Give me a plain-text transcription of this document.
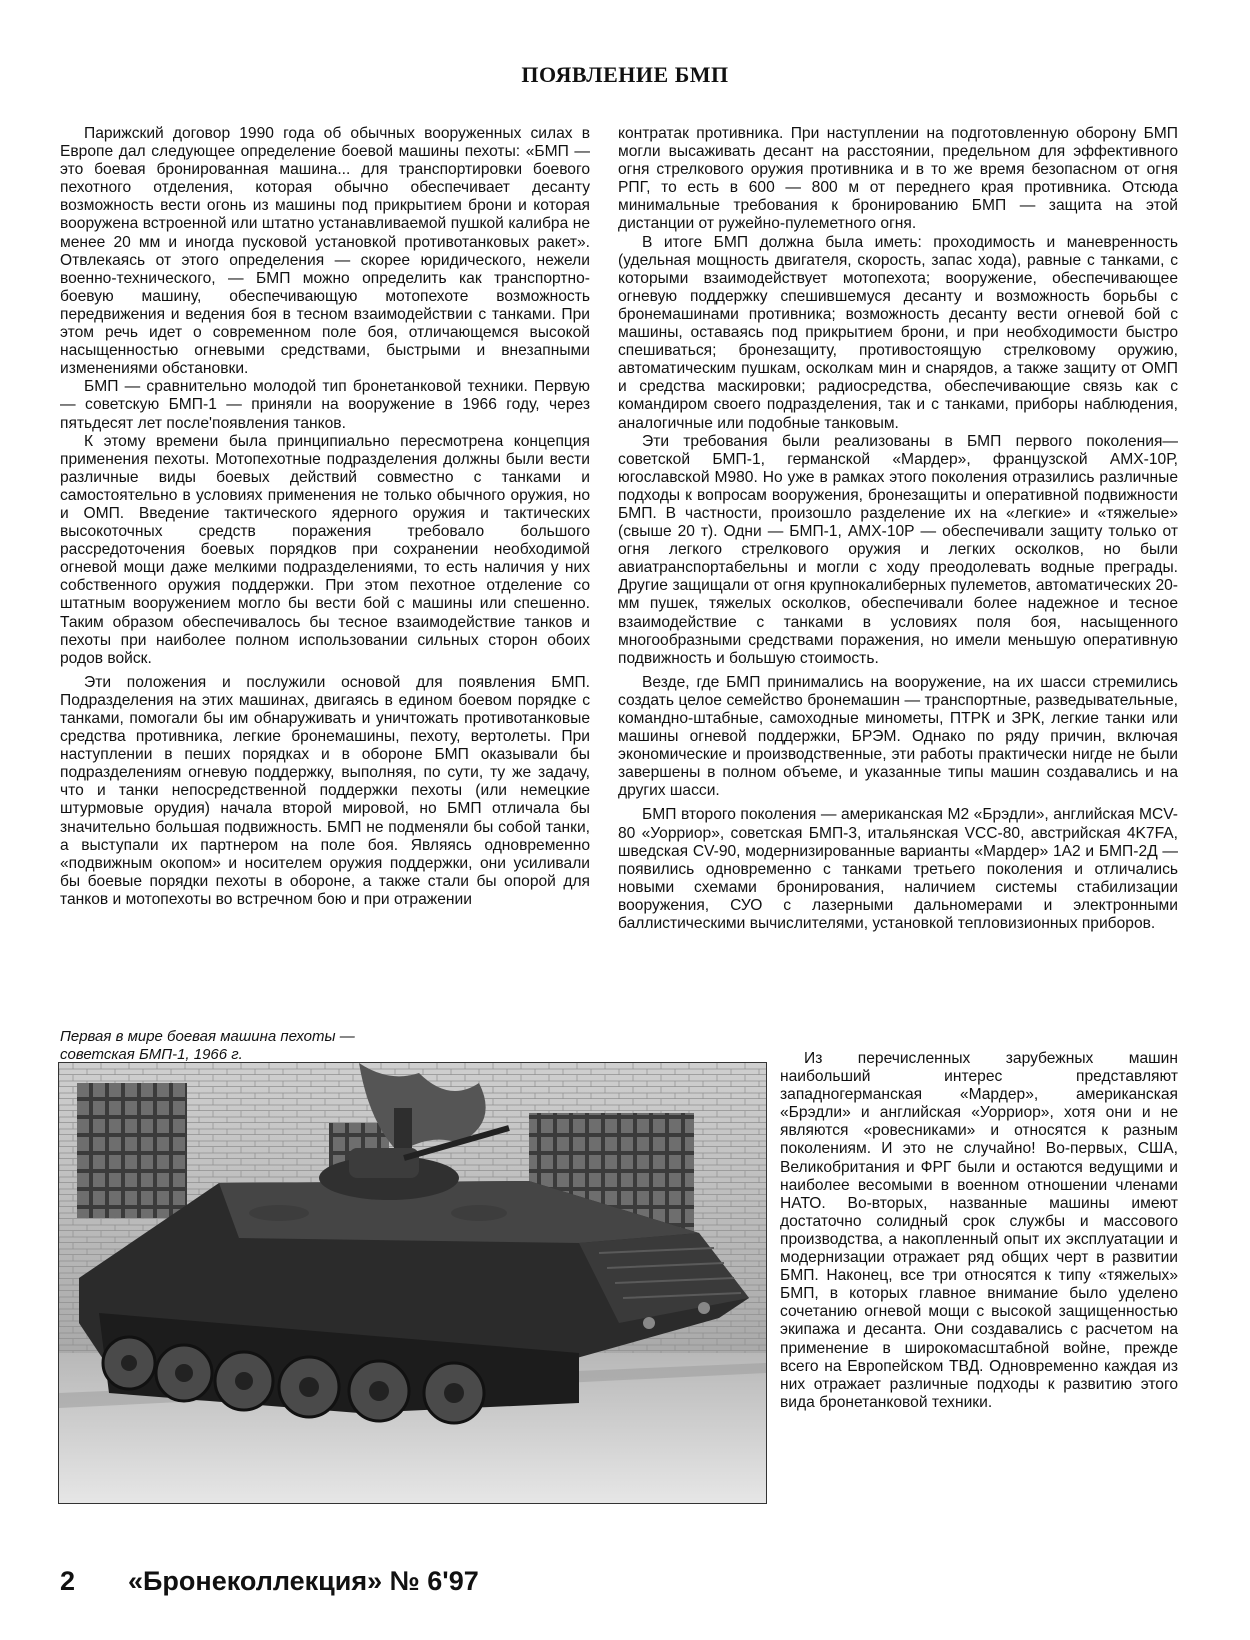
ПОЯВЛЕНИЕ БМП

Парижский договор 1990 года об обычных вооруженных силах в Европе дал следующее определение боевой машины пехоты: «БМП — это боевая бронированная машина... для транспортировки боевого пехотного отделения, которая обычно обеспечивает десанту возможность вести огонь из машины под прикрытием брони и которая вооружена встроенной или штатно устанавливаемой пушкой калибра не менее 20 мм и иногда пусковой установкой противотанковых ракет». Отвлекаясь от этого определения — скорее юридического, нежели военно-технического, — БМП можно определить как транспортно-боевую машину, обеспечивающую мотопехоте возможность передвижения и ведения боя в тесном взаимодействии с танками. При этом речь идет о современном поле боя, отличающемся высокой насыщенностью огневыми средствами, быстрыми и внезапными изменениями обстановки.

БМП — сравнительно молодой тип бронетанковой техники. Первую — советскую БМП-1 — приняли на вооружение в 1966 году, через пятьдесят лет после'появления танков.

К этому времени была принципиально пересмотрена концепция применения пехоты. Мотопехотные подразделения должны были вести различные виды боевых действий совместно с танками и самостоятельно в условиях применения не только обычного оружия, но и ОМП. Введение тактического ядерного оружия и тактических высокоточных средств поражения требовало большого рассредоточения боевых порядков при сохранении необходимой огневой мощи даже мелкими подразделениями, то есть наличия у них собственного оружия поддержки. При этом пехотное отделение со штатным вооружением могло бы вести бой с машины или спешенно. Таким образом обеспечивалось бы тесное взаимодействие танков и пехоты при наиболее полном использовании сильных сторон обоих родов войск.

Эти положения и послужили основой для появления БМП. Подразделения на этих машинах, двигаясь в едином боевом порядке с танками, помогали бы им обнаруживать и уничтожать противотанковые средства противника, легкие бронемашины, пехоту, вертолеты. При наступлении в пеших порядках и в обороне БМП оказывали бы подразделениям огневую поддержку, выполняя, по сути, ту же задачу, что и танки непосредственной поддержки пехоты (или немецкие штурмовые орудия) начала второй мировой, но БМП отличала бы значительно большая подвижность. БМП не подменяли бы собой танки, а выступали их партнером на поле боя. Являясь одновременно «подвижным окопом» и носителем оружия поддержки, они усиливали бы боевые порядки пехоты в обороне, а также стали бы опорой для танков и мотопехоты во встречном бою и при отражении

контратак противника. При наступлении на подготовленную оборону БМП могли высаживать десант на расстоянии, предельном для эффективного огня стрелкового оружия противника и в то же время безопасном от огня РПГ, то есть в 600 — 800 м от переднего края противника. Отсюда минимальные требования к бронированию БМП — защита на этой дистанции от ружейно-пулеметного огня.

В итоге БМП должна была иметь: проходимость и маневренность (удельная мощность двигателя, скорость, запас хода), равные с танками, с которыми взаимодействует мотопехота; вооружение, обеспечивающее огневую поддержку спешившемуся десанту и возможность борьбы с бронемашинами противника; возможность десанту вести огневой бой с машины, оставаясь под прикрытием брони, и при необходимости быстро спешиваться; бронезащиту, противостоящую стрелковому оружию, автоматическим пушкам, осколкам мин и снарядов, а также защиту от ОМП и средства маскировки; радиосредства, обеспечивающие связь как с командиром своего подразделения, так и с танками, приборы наблюдения, аналогичные или подобные танковым.

Эти требования были реализованы в БМП первого поколения—советской БМП-1, германской «Мардер», французской АМХ-10Р, югославской М980. Но уже в рамках этого поколения отразились различные подходы к вопросам вооружения, бронезащиты и оперативной подвижности БМП. В частности, произошло разделение их на «легкие» и «тяжелые» (свыше 20 т). Одни — БМП-1, АМХ-10Р — обеспечивали защиту только от огня легкого стрелкового оружия и легких осколков, но были авиатранспортабельны и могли с ходу преодолевать водные преграды. Другие защищали от огня крупнокалиберных пулеметов, автоматических 20-мм пушек, тяжелых осколков, обеспечивали более надежное и тесное взаимодействие с танками в условиях поля боя, насыщенного многообразными средствами поражения, но имели меньшую оперативную подвижность и большую стоимость.

Везде, где БМП принимались на вооружение, на их шасси стремились создать целое семейство бронемашин — транспортные, разведывательные, командно-штабные, самоходные минометы, ПТРК и ЗРК, легкие танки или машины огневой поддержки, БРЭМ. Однако по ряду причин, включая экономические и производственные, эти работы практически нигде не были завершены в полном объеме, и указанные типы машин создавались и на других шасси.

БМП второго поколения — американская М2 «Брэдли», английская MCV-80 «Уорриор», советская БМП-3, итальянская VCC-80, австрийская 4K7FA, шведская CV-90, модернизированные варианты «Мардер» 1А2 и БМП-2Д — появились одновременно с танками третьего поколения и отличались новыми схемами бронирования, наличием системы стабилизации вооружения, СУО с лазерными дальномерами и электронными баллистическими вычислителями, установкой тепловизионных приборов.

Первая в мире боевая машина пехоты —
советская БМП-1, 1966 г.	Из перечисленных зарубежных машин наибольший интерес представляют западногерманская «Мардер», американская «Брэдли» и английская «Уорриор», хотя они и не являются «ровесниками» и относятся к разным поколениям. И это не случайно! Во-первых, США, Великобритания и ФРГ были и остаются ведущими и наиболее весомыми в военном отношении членами НАТО. Во-вторых, названные машины имеют достаточно солидный срок службы и массового производства, а накопленный опыт их эксплуатации и модернизации отражает ряд общих черт в развитии БМП. Наконец, все три относятся к типу «тяжелых» БМП, в которых главное внимание было уделено сочетанию огневой мощи с высокой защищенностью экипажа и десанта. Они создавались с расчетом на применение в широкомасштабной войне, прежде всего на Европейском ТВД. Одновременно каждая из них отражает различные подходы к развитию этого вида бронетанковой техники.

2 «Бронеколлекция» № 6'97
